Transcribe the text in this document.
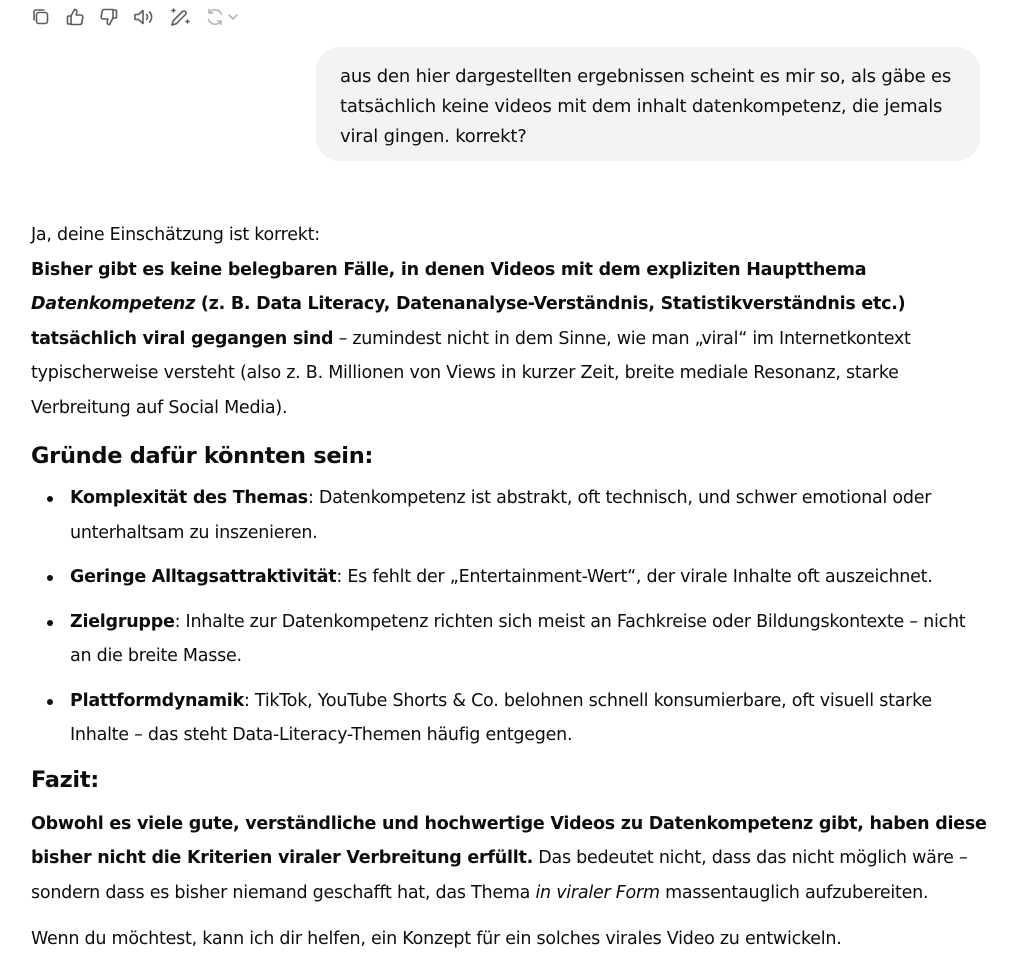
aus den hier dargestellten ergebnissen scheint es mir so, als gäbe es tatsächlich keine videos mit dem inhalt datenkompetenz, die jemals viral gingen. korrekt?

Ja, deine Einschätzung ist korrekt:

Bisher gibt es keine belegbaren Fälle, in denen Videos mit dem expliziten Hauptthema Datenkompetenz (z. B. Data Literacy, Datenanalyse-Verständnis, Statistikverständnis etc.) tatsächlich viral gegangen sind – zumindest nicht in dem Sinne, wie man „viral“ im Internetkontext typischerweise versteht (also z. B. Millionen von Views in kurzer Zeit, breite mediale Resonanz, starke Verbreitung auf Social Media).

Gründe dafür könnten sein:
Komplexität des Themas: Datenkompetenz ist abstrakt, oft technisch, und schwer emotional oder unterhaltsam zu inszenieren.
Geringe Alltagsattraktivität: Es fehlt der „Entertainment-Wert“, der virale Inhalte oft auszeichnet.
Zielgruppe: Inhalte zur Datenkompetenz richten sich meist an Fachkreise oder Bildungskontexte – nicht an die breite Masse.
Plattformdynamik: TikTok, YouTube Shorts & Co. belohnen schnell konsumierbare, oft visuell starke Inhalte – das steht Data-Literacy-Themen häufig entgegen.
Fazit:

Obwohl es viele gute, verständliche und hochwertige Videos zu Datenkompetenz gibt, haben diese bisher nicht die Kriterien viraler Verbreitung erfüllt. Das bedeutet nicht, dass das nicht möglich wäre – sondern dass es bisher niemand geschafft hat, das Thema in viraler Form massentauglich aufzubereiten.

Wenn du möchtest, kann ich dir helfen, ein Konzept für ein solches virales Video zu entwickeln.
